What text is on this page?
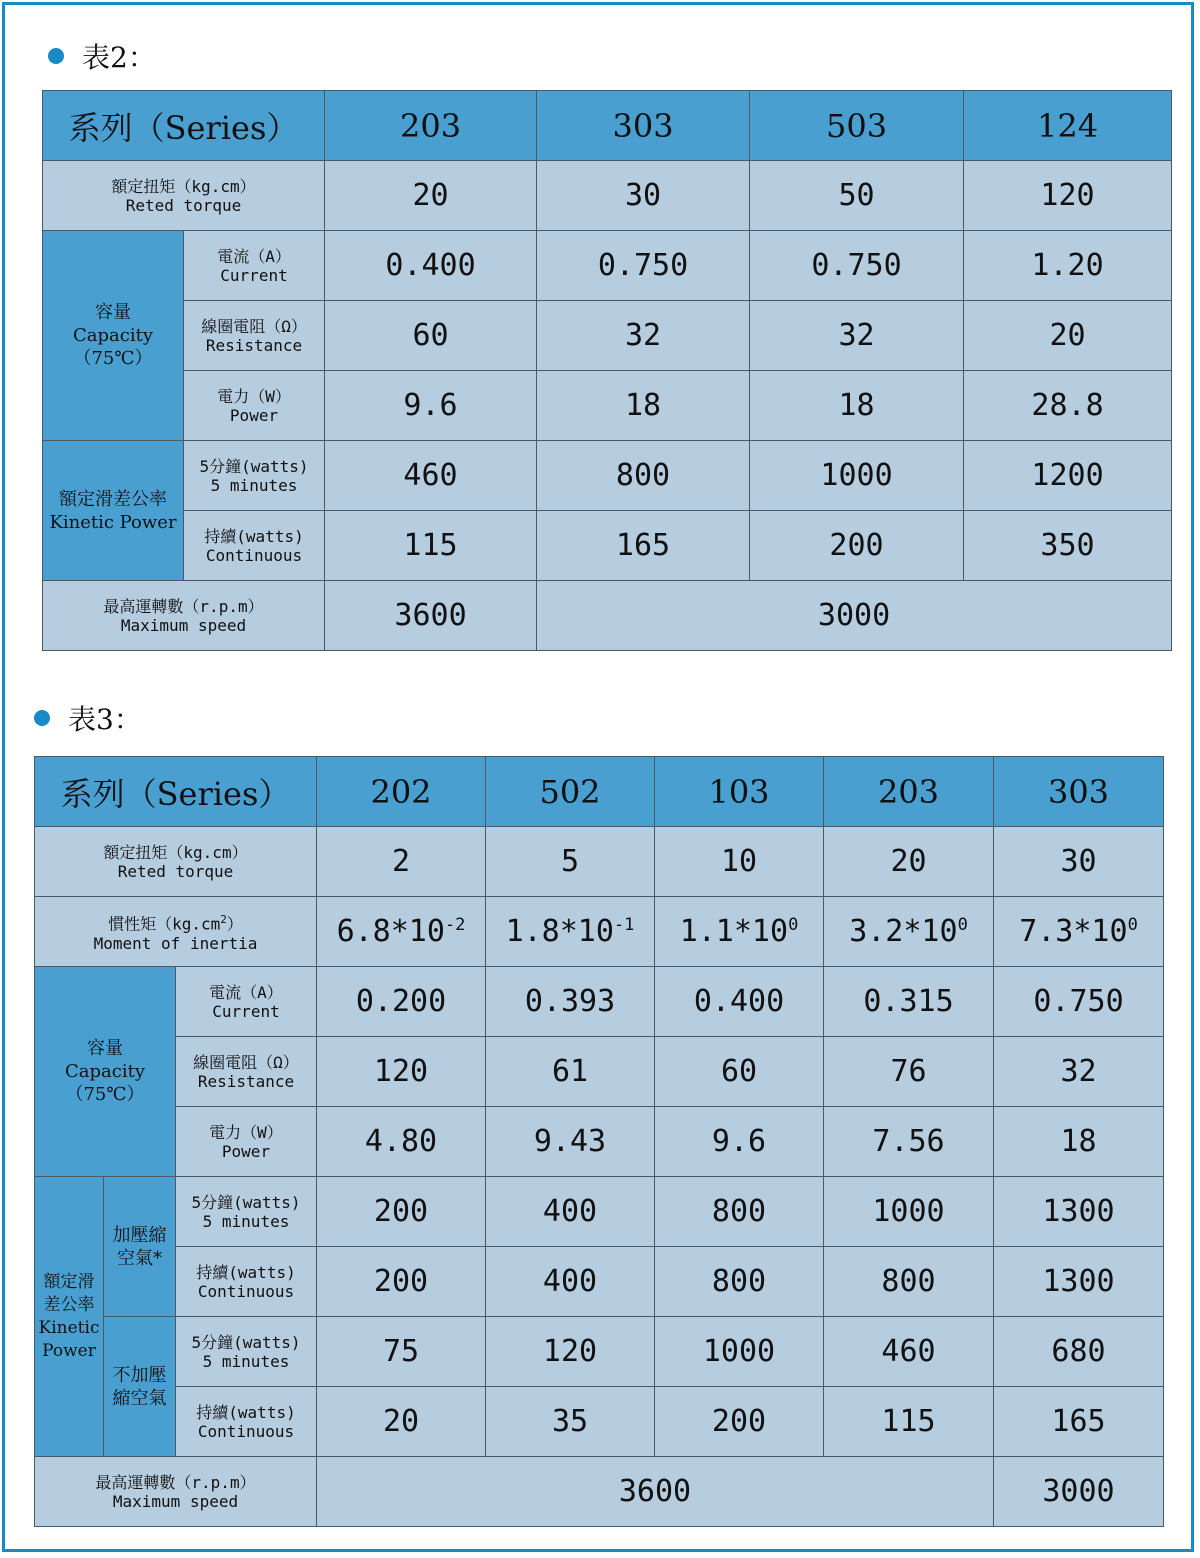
表2：
系列（Series）		203	303	503	124

額定扭矩（kg.cm）
Reted torque		20	30	50	120

容量
Capacity
（75℃）	電流（A）
Current	0.400	0.750	0.750	1.20

	線圈電阻（Ω）
Resistance	60	32	32	20

	電力（W）
Power	9.6	18	18	28.8

額定滑差公率
Kinetic Power	5分鐘(watts)
5 minutes	460	800	1000	1200

	持續(watts)
Continuous	115	165	200	350

最高運轉數（r.p.m）
Maximum speed		3600	3000		
表3：
系列（Series）			202	502	103	203	303

額定扭矩（kg.cm）
Reted torque			2	5	10	20	30

慣性矩$(kg.cm^2)$
Moment of inertia			$6.8*10^{-2}$	$1.8*10^{-1}$	$1.1*10^0$	$3.2*10^0$	$7.3*10^0$

容量
Capacity
（75℃）		電流（A）
Current	0.200	0.393	0.400	0.315	0.750

		線圈電阻（Ω）
Resistance	120	61	60	76	32

		電力（W）
Power	4.80	9.43	9.6	7.56	18

額定滑
差公率
Kinetic
Power	加壓縮
空氣*	5分鐘(watts)
5 minutes	200	400	800	1000	1300

		持續(watts)
Continuous	200	400	800	800	1300

	不加壓
縮空氣	5分鐘(watts)
5 minutes	75	120	1000	460	680

		持續(watts)
Continuous	20	35	200	115	165

最高運轉數（r.p.m）
Maximum speed			3600				3000
